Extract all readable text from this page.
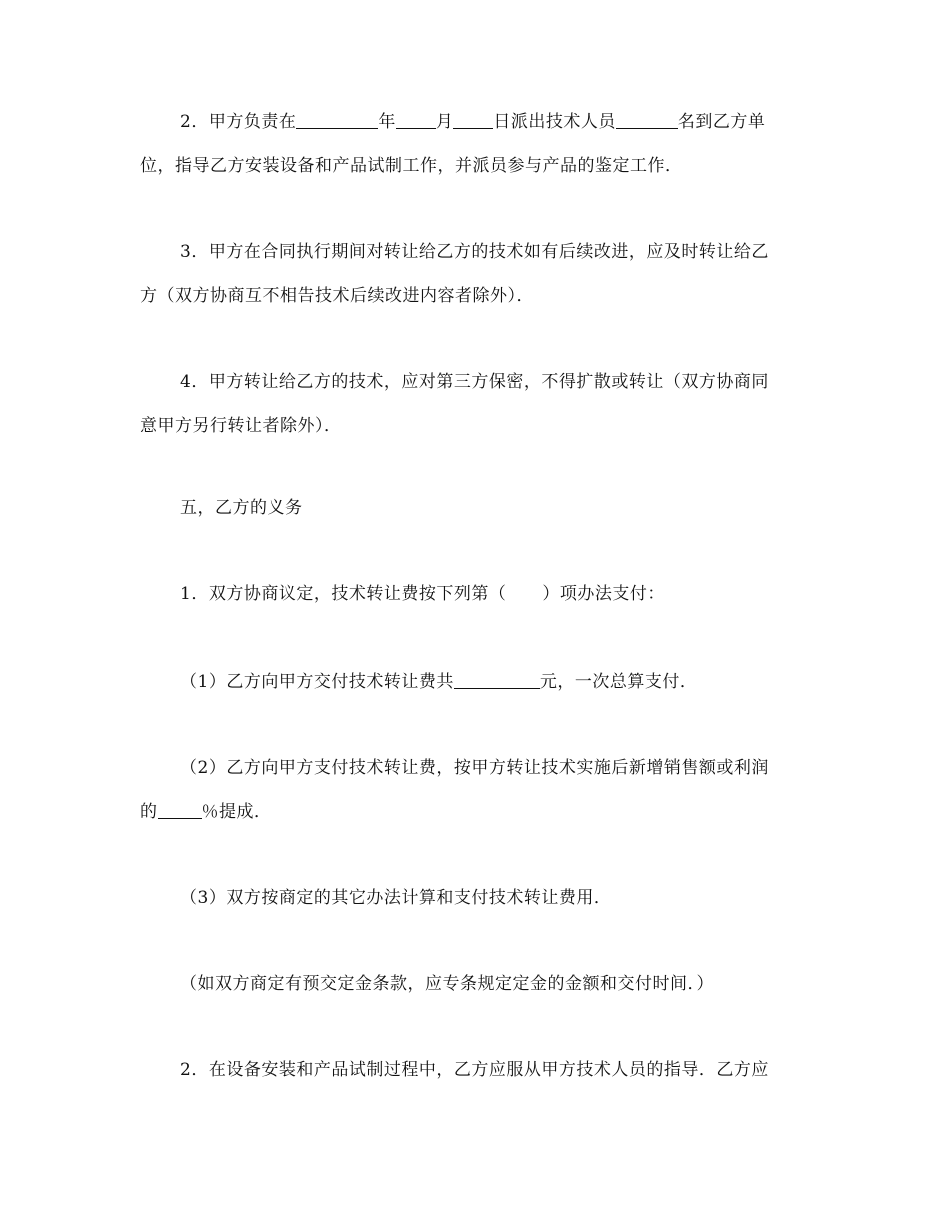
2．甲方负责在	年 月 日派出技术人员	名到乙方单
位，指导乙方安装设备和产品试制工作，并派员参与产品的鉴定工作．
3．甲方在合同执行期间对转让给乙方的技术如有后续改进，应及时转让给乙
方（双方协商互不相告技术后续改进内容者除外）．
4．甲方转让给乙方的技术，应对第三方保密，不得扩散或转让（双方协商同
意甲方另行转让者除外）．
五，乙方的义务
1．双方协商议定，技术转让费按下列第（ ）项办法支付：
（1）乙方向甲方交付技术转让费共	元，一次总算支付．
（2）乙方向甲方支付技术转让费，按甲方转让技术实施后新增销售额或利润
的	％提成．
（3）双方按商定的其它办法计算和支付技术转让费用．
（如双方商定有预交定金条款，应专条规定定金的金额和交付时间．）
2．在设备安装和产品试制过程中，乙方应服从甲方技术人员的指导．乙方应
